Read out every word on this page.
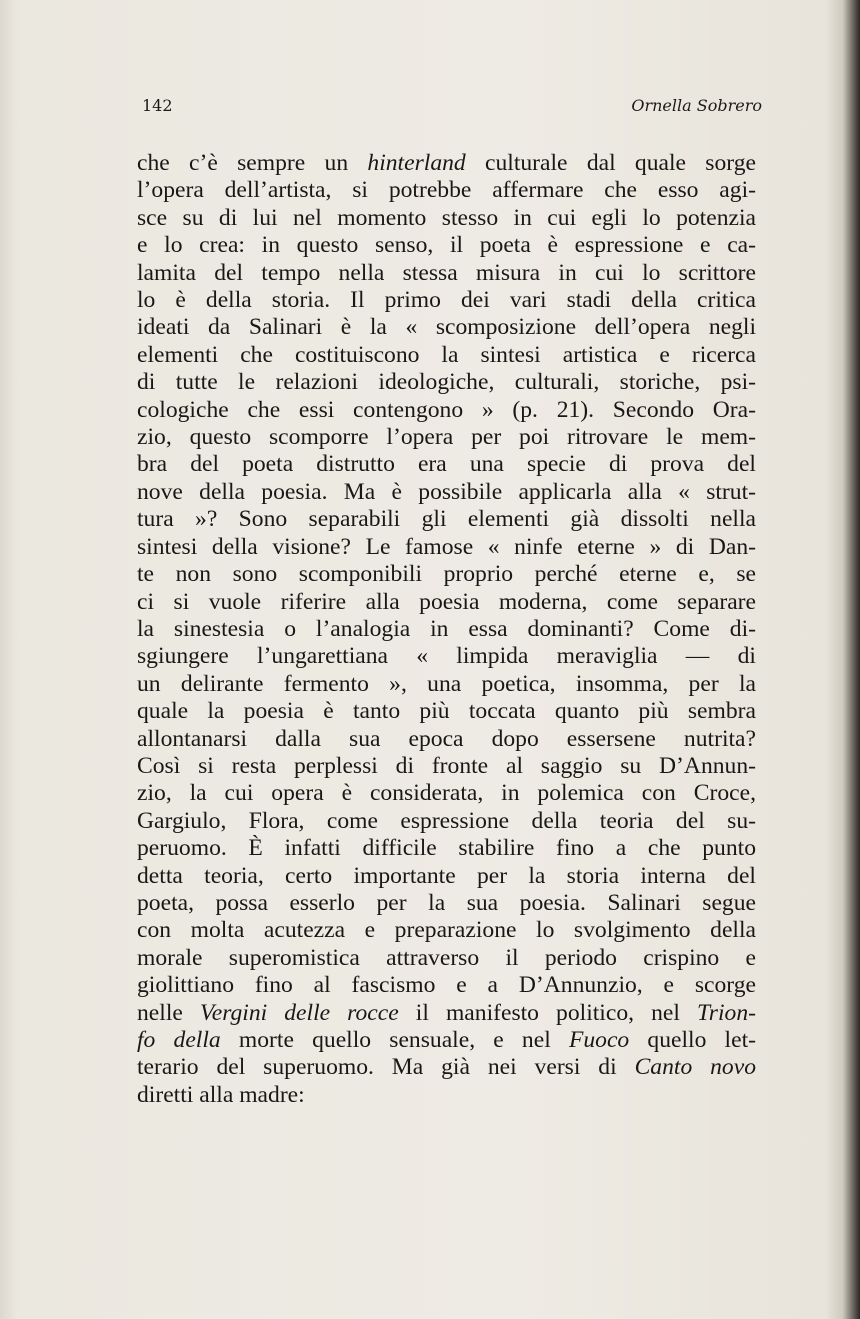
142	Ornella Sobrero
che c’è sempre un hinterland culturale dal quale sorge
l’opera dell’artista, si potrebbe affermare che esso agi-
sce su di lui nel momento stesso in cui egli lo potenzia
e lo crea: in questo senso, il poeta è espressione e ca-
lamita del tempo nella stessa misura in cui lo scrittore
lo è della storia. Il primo dei vari stadi della critica
ideati da Salinari è la « scomposizione dell’opera negli
elementi che costituiscono la sintesi artistica e ricerca
di tutte le relazioni ideologiche, culturali, storiche, psi-
cologiche che essi contengono » (p. 21). Secondo Ora-
zio, questo scomporre l’opera per poi ritrovare le mem-
bra del poeta distrutto era una specie di prova del
nove della poesia. Ma è possibile applicarla alla « strut-
tura »? Sono separabili gli elementi già dissolti nella
sintesi della visione? Le famose « ninfe eterne » di Dan-
te non sono scomponibili proprio perché eterne e, se
ci si vuole riferire alla poesia moderna, come separare
la sinestesia o l’analogia in essa dominanti? Come di-
sgiungere l’ungarettiana « limpida meraviglia — di
un delirante fermento », una poetica, insomma, per la
quale la poesia è tanto più toccata quanto più sembra
allontanarsi dalla sua epoca dopo essersene nutrita?
Così si resta perplessi di fronte al saggio su D’Annun-
zio, la cui opera è considerata, in polemica con Croce,
Gargiulo, Flora, come espressione della teoria del su-
peruomo. È infatti difficile stabilire fino a che punto
detta teoria, certo importante per la storia interna del
poeta, possa esserlo per la sua poesia. Salinari segue
con molta acutezza e preparazione lo svolgimento della
morale superomistica attraverso il periodo crispino e
giolittiano fino al fascismo e a D’Annunzio, e scorge
nelle Vergini delle rocce il manifesto politico, nel Trion-
fo della morte quello sensuale, e nel Fuoco quello let-
terario del superuomo. Ma già nei versi di Canto novo
diretti alla madre:
